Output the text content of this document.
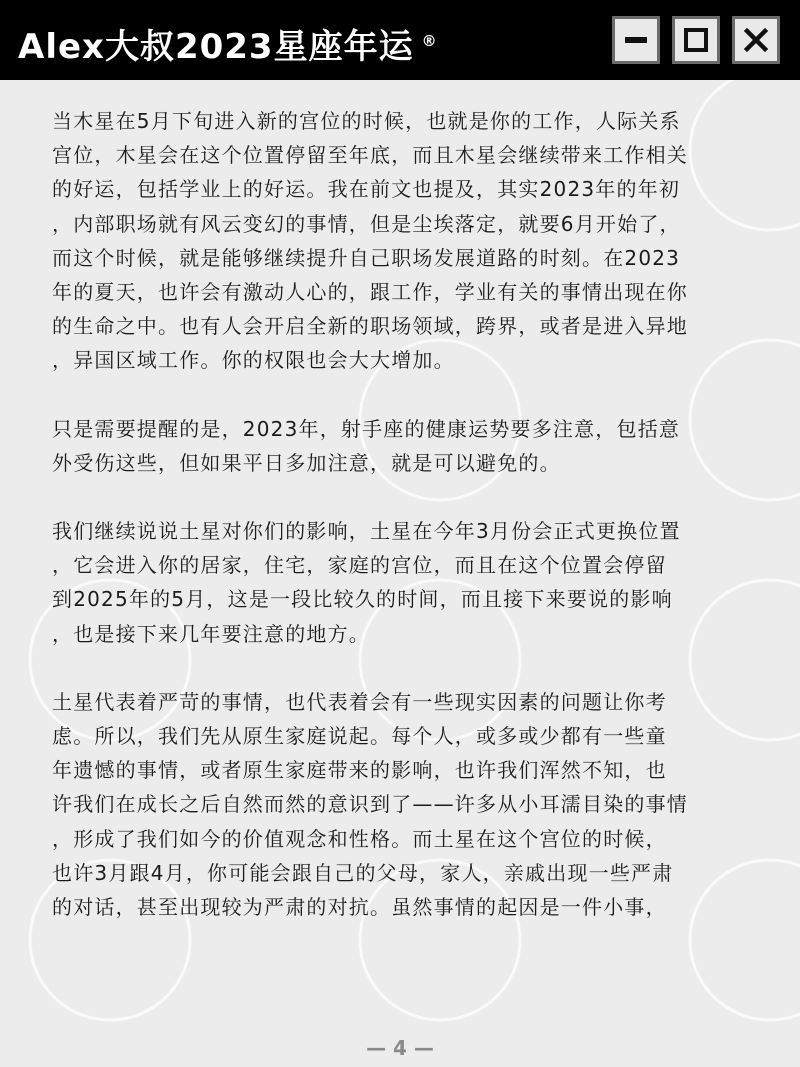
Alex大叔2023星座年运 ®

当木星在5月下旬进入新的宫位的时候，也就是你的工作，人际关系
宫位，木星会在这个位置停留至年底，而且木星会继续带来工作相关
的好运，包括学业上的好运。我在前文也提及，其实2023年的年初
，内部职场就有风云变幻的事情，但是尘埃落定，就要6月开始了，
而这个时候，就是能够继续提升自己职场发展道路的时刻。在2023
年的夏天，也许会有激动人心的，跟工作，学业有关的事情出现在你
的生命之中。也有人会开启全新的职场领域，跨界，或者是进入异地
，异国区域工作。你的权限也会大大增加。

只是需要提醒的是，2023年，射手座的健康运势要多注意，包括意
外受伤这些，但如果平日多加注意，就是可以避免的。

我们继续说说土星对你们的影响，土星在今年3月份会正式更换位置
，它会进入你的居家，住宅，家庭的宫位，而且在这个位置会停留
到2025年的5月，这是一段比较久的时间，而且接下来要说的影响
，也是接下来几年要注意的地方。

土星代表着严苛的事情，也代表着会有一些现实因素的问题让你考
虑。所以，我们先从原生家庭说起。每个人，或多或少都有一些童
年遗憾的事情，或者原生家庭带来的影响，也许我们浑然不知，也
许我们在成长之后自然而然的意识到了——许多从小耳濡目染的事情
，形成了我们如今的价值观念和性格。而土星在这个宫位的时候，
也许3月跟4月，你可能会跟自己的父母，家人，亲戚出现一些严肃
的对话，甚至出现较为严肃的对抗。虽然事情的起因是一件小事，

— 4 —
